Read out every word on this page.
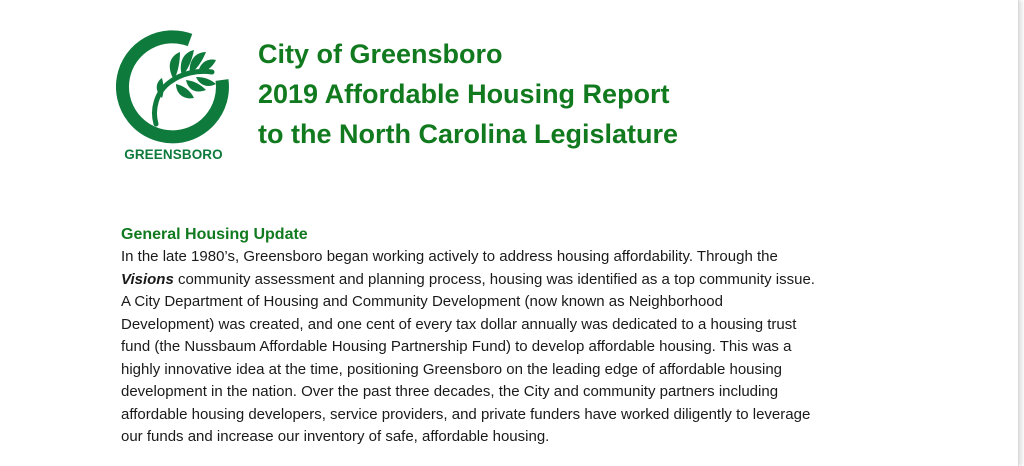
GREENSBORO
City of Greensboro
2019 Affordable Housing Report
to the North Carolina Legislature
General Housing Update

In the late 1980’s, Greensboro began working actively to address housing affordability. Through the
Visions community assessment and planning process, housing was identified as a top community issue.
A City Department of Housing and Community Development (now known as Neighborhood
Development) was created, and one cent of every tax dollar annually was dedicated to a housing trust
fund (the Nussbaum Affordable Housing Partnership Fund) to develop affordable housing. This was a
highly innovative idea at the time, positioning Greensboro on the leading edge of affordable housing
development in the nation. Over the past three decades, the City and community partners including
affordable housing developers, service providers, and private funders have worked diligently to leverage
our funds and increase our inventory of safe, affordable housing.
